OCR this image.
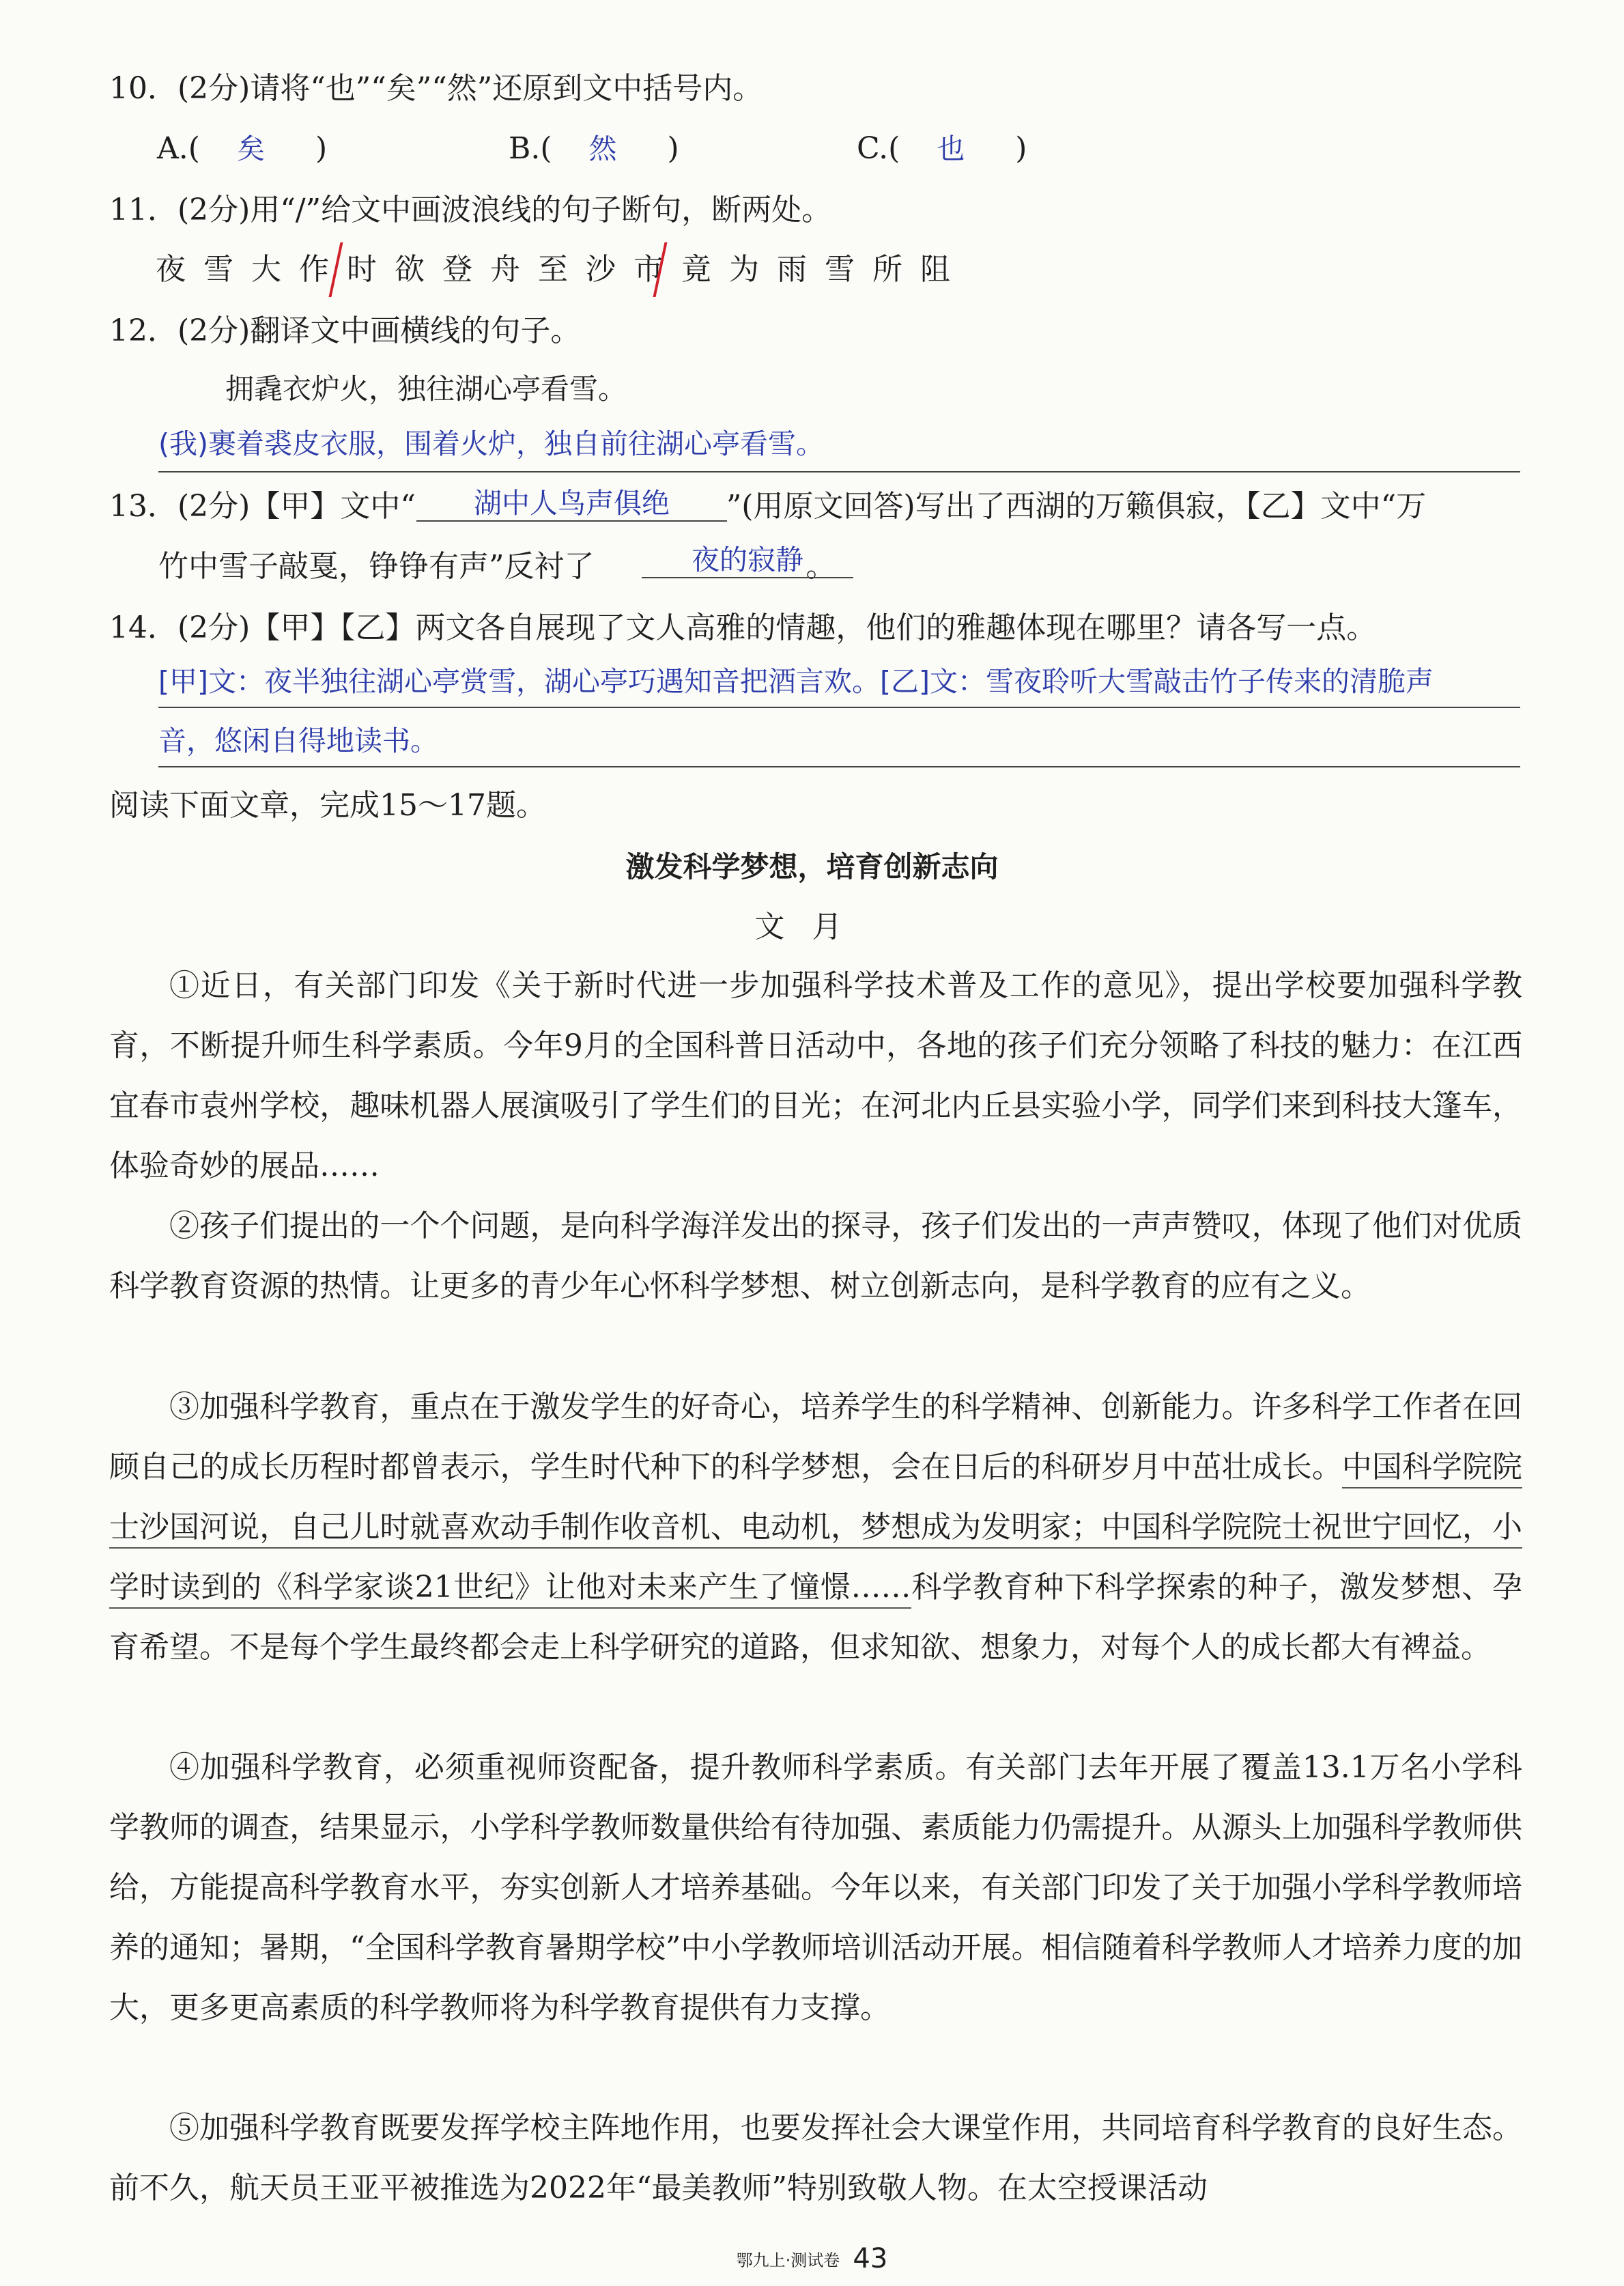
10．(2分)请将“也”“矣”“然”还原到文中括号内。
A.( 矣 )	B.( 然 )	C.( 也 )
11．(2分)用“/”给文中画波浪线的句子断句，断两处。
夜雪大作时欲登舟至沙市竟为雨雪所阻
12．(2分)翻译文中画横线的句子。
拥毳衣炉火，独往湖心亭看雪。
(我)裹着裘皮衣服，围着火炉，独自前往湖心亭看雪。
13．(2分)【甲】文中“	”(用原文回答)写出了西湖的万籁俱寂，【乙】文中“万
湖中人鸟声俱绝
竹中雪子敲戛，铮铮有声”反衬了	。
夜的寂静
14．(2分)【甲】【乙】两文各自展现了文人高雅的情趣，他们的雅趣体现在哪里？请各写一点。
[甲]文：夜半独往湖心亭赏雪，湖心亭巧遇知音把酒言欢。[乙]文：雪夜聆听大雪敲击竹子传来的清脆声
音，悠闲自得地读书。
阅读下面文章，完成15～17题。
激发科学梦想，培育创新志向
文月
①近日，有关部门印发《关于新时代进一步加强科学技术普及工作的意见》，提出学校要加强科学教育，不断提升师生科学素质。今年9月的全国科普日活动中，各地的孩子们充分领略了科技的魅力：在江西宜春市袁州学校，趣味机器人展演吸引了学生们的目光；在河北内丘县实验小学，同学们来到科技大篷车，体验奇妙的展品……
②孩子们提出的一个个问题，是向科学海洋发出的探寻，孩子们发出的一声声赞叹，体现了他们对优质科学教育资源的热情。让更多的青少年心怀科学梦想、树立创新志向，是科学教育的应有之义。
③加强科学教育，重点在于激发学生的好奇心，培养学生的科学精神、创新能力。许多科学工作者在回顾自己的成长历程时都曾表示，学生时代种下的科学梦想，会在日后的科研岁月中茁壮成长。中国科学院院士沙国河说，自己儿时就喜欢动手制作收音机、电动机，梦想成为发明家；中国科学院院士祝世宁回忆，小学时读到的《科学家谈21世纪》让他对未来产生了憧憬……科学教育种下科学探索的种子，激发梦想、孕育希望。不是每个学生最终都会走上科学研究的道路，但求知欲、想象力，对每个人的成长都大有裨益。
④加强科学教育，必须重视师资配备，提升教师科学素质。有关部门去年开展了覆盖13.1万名小学科学教师的调查，结果显示，小学科学教师数量供给有待加强、素质能力仍需提升。从源头上加强科学教师供给，方能提高科学教育水平，夯实创新人才培养基础。今年以来，有关部门印发了关于加强小学科学教师培养的通知；暑期，“全国科学教育暑期学校”中小学教师培训活动开展。相信随着科学教师人才培养力度的加大，更多更高素质的科学教师将为科学教育提供有力支撑。
⑤加强科学教育既要发挥学校主阵地作用，也要发挥社会大课堂作用，共同培育科学教育的良好生态。前不久，航天员王亚平被推选为2022年“最美教师”特别致敬人物。在太空授课活动
鄂九上·测试卷 43
